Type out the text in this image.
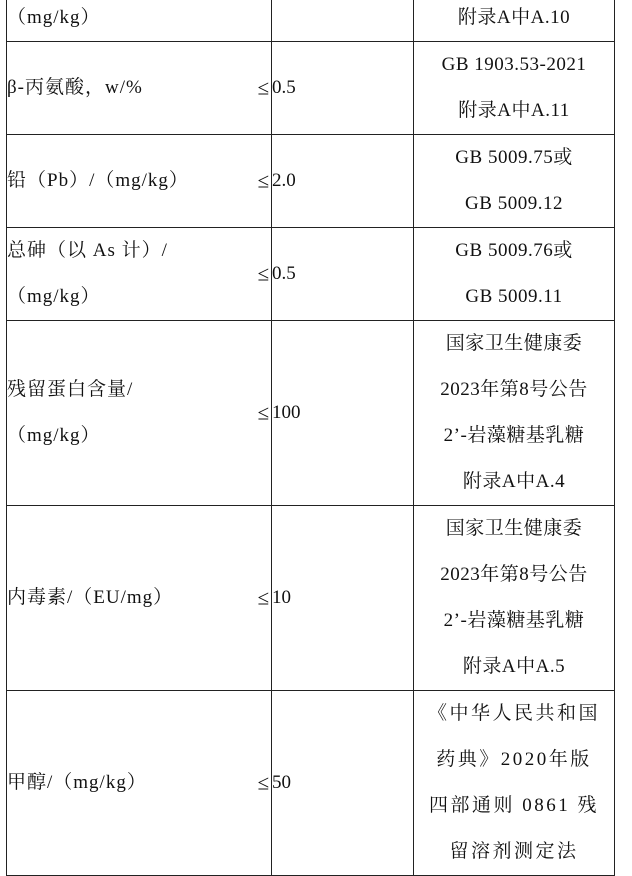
（mg/kg）		附录A中A.10

β-丙氨酸，w/% ≤	0.5	GB 1903.53-2021
附录A中A.11

铅（Pb）/（mg/kg） ≤	2.0	GB 5009.75或
GB 5009.12

总砷（以 As 计）/
（mg/kg）
≤	0.5	GB 5009.76或
GB 5009.11

残留蛋白含量/
（mg/kg）
≤	100	国家卫生健康委
2023年第8号公告
2’-岩藻糖基乳糖
附录A中A.4

内毒素/（EU/mg） ≤	10	国家卫生健康委
2023年第8号公告
2’-岩藻糖基乳糖
附录A中A.5

甲醇/（mg/kg） ≤	50	《中华人民共和国
药典》2020年版
四部通则 0861 残
留溶剂测定法
